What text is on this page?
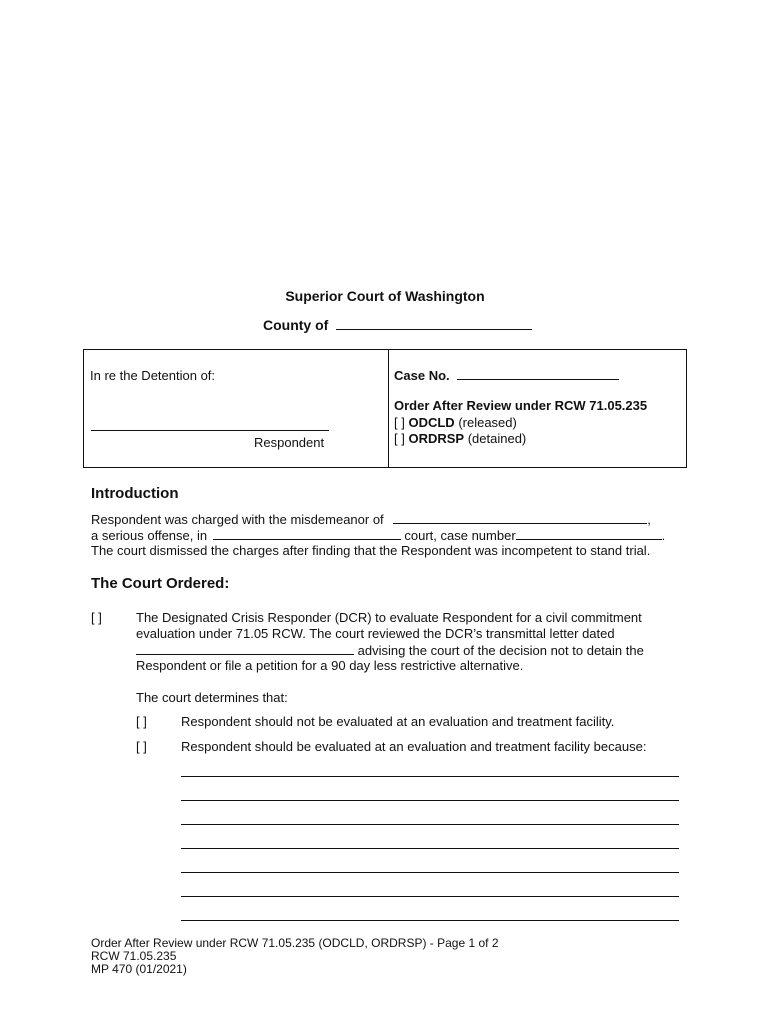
Superior Court of Washington
County of
In re the Detention of:
Respondent
Case No.
Order After Review under RCW 71.05.235
[ ] ODCLD (released)
[ ] ORDRSP (detained)
Introduction
Respondent was charged with the misdemeanor of	,
a serious offense, in	court, case number	.
The court dismissed the charges after finding that the Respondent was incompetent to stand trial.
The Court Ordered:
[ ]	The Designated Crisis Responder (DCR) to evaluate Respondent for a civil commitment
evaluation under 71.05 RCW. The court reviewed the DCR’s transmittal letter dated
advising the court of the decision not to detain the
Respondent or file a petition for a 90 day less restrictive alternative.
The court determines that:
[ ]	Respondent should not be evaluated at an evaluation and treatment facility.
[ ]	Respondent should be evaluated at an evaluation and treatment facility because:
Order After Review under RCW 71.05.235 (ODCLD, ORDRSP) - Page 1 of 2
RCW 71.05.235
MP 470 (01/2021)
